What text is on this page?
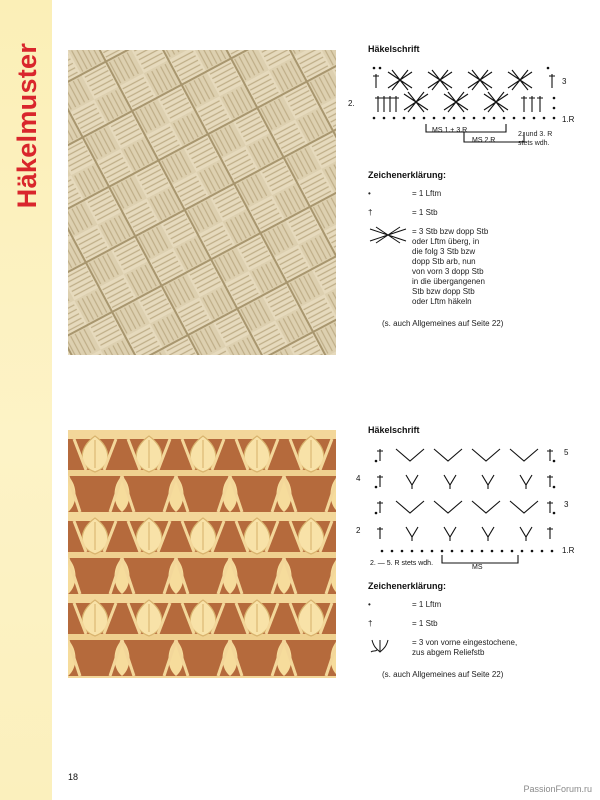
Häkelmuster	Häkelschrift
3
2.
1.R
MS 1.+ 3.R
MS 2.R
2. und 3. R
stets wdh.
Zeichenerklärung:
•	= 1 Lftm
†	= 1 Stb
= 3 Stb bzw dopp Stb
oder Lftm überg, in
die folg 3 Stb bzw
dopp Stb arb, nun
von vorn 3 dopp Stb
in die übergangenen
Stb bzw dopp Stb
oder Lftm häkeln
(s. auch Allgemeines auf Seite 22)
Häkelschrift
5
4
3
2
1.R
MS
2. — 5. R stets wdh.
Zeichenerklärung:
•	= 1 Lftm
†	= 1 Stb
= 3 von vorne eingestochene,
zus abgem Reliefstb
(s. auch Allgemeines auf Seite 22)
18
PassionForum.ru
